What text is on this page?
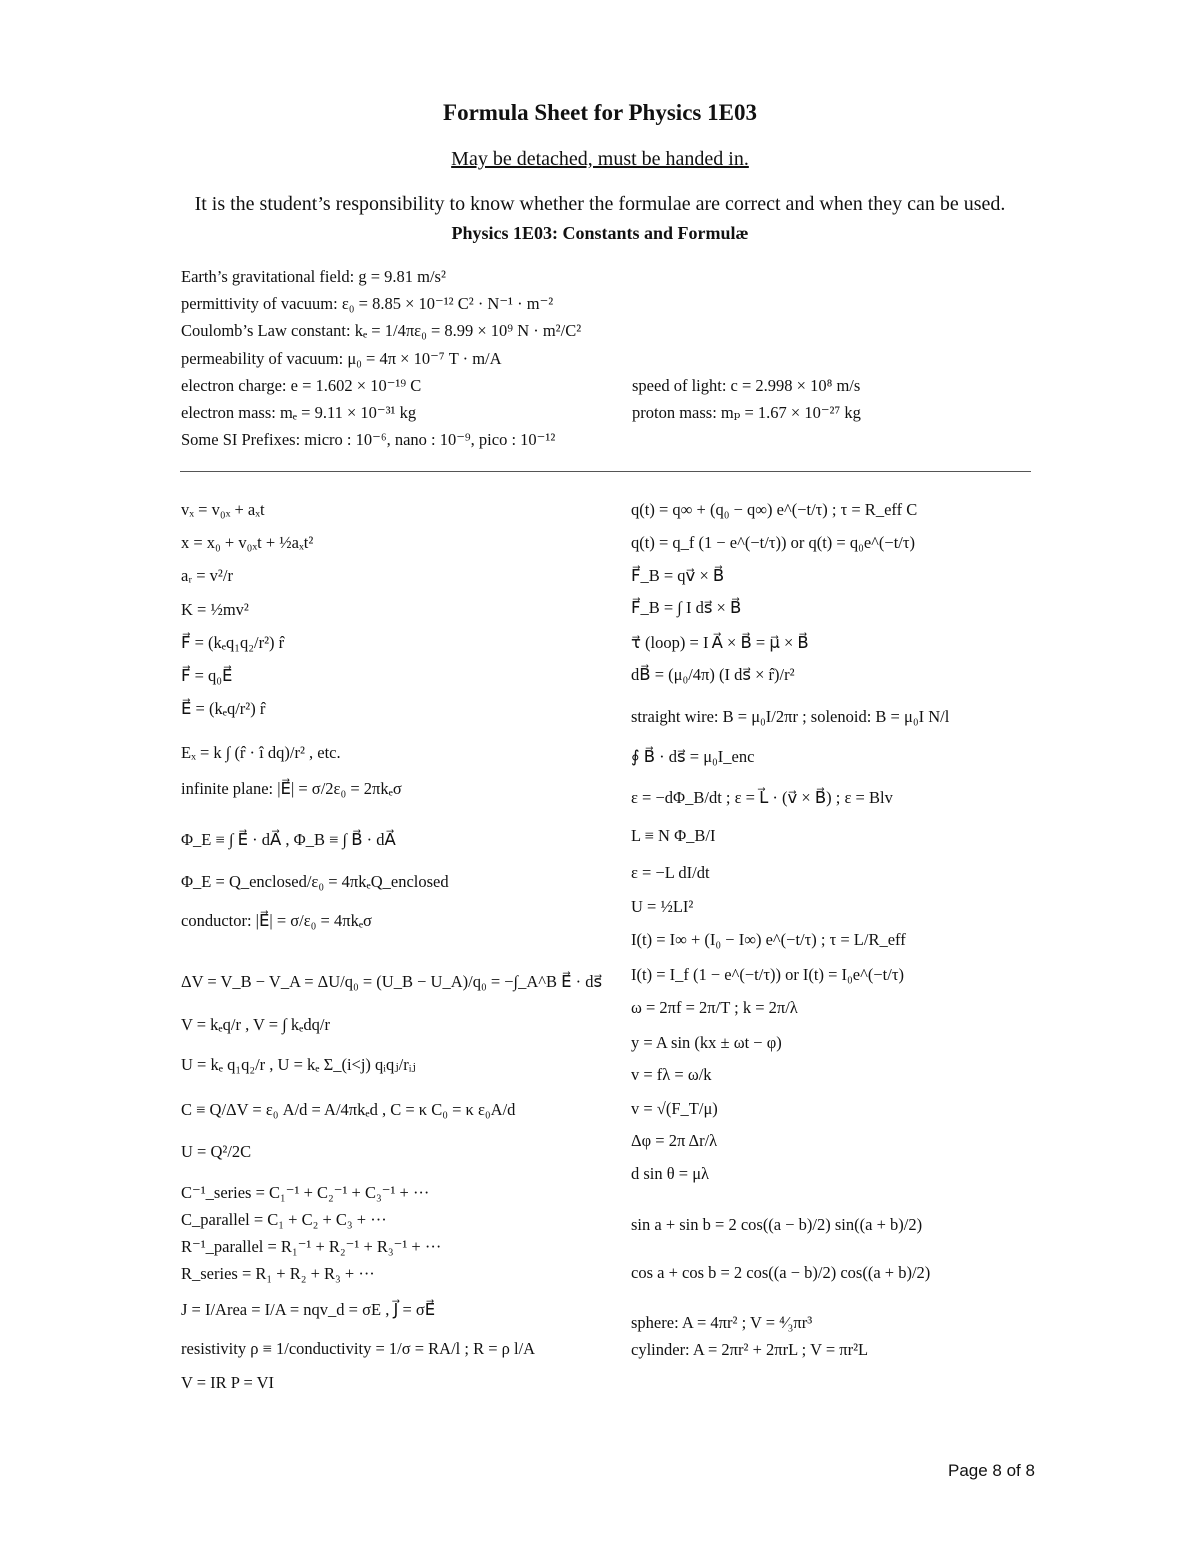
Formula Sheet for Physics 1E03
May be detached, must be handed in.
It is the student’s responsibility to know whether the formulae are correct and when they can be used.
Physics 1E03: Constants and Formulæ
Earth’s gravitational field: g = 9.81 m/s²
permittivity of vacuum: ε₀ = 8.85 × 10⁻¹² C² · N⁻¹ · m⁻²
Coulomb’s Law constant: kₑ = 1/4πε₀ = 8.99 × 10⁹ N · m²/C²
permeability of vacuum: μ₀ = 4π × 10⁻⁷ T · m/A
electron charge: e = 1.602 × 10⁻¹⁹ C
electron mass: mₑ = 9.11 × 10⁻³¹ kg
Some SI Prefixes: micro : 10⁻⁶, nano : 10⁻⁹, pico : 10⁻¹²
speed of light: c = 2.998 × 10⁸ m/s
proton mass: mₚ = 1.67 × 10⁻²⁷ kg
vₓ = v₀ₓ + aₓt
x = x₀ + v₀ₓt + ½aₓt²
aᵣ = v²/r
K = ½mv²
F⃗ = (kₑq₁q₂/r²) r̂
F⃗ = q₀E⃗
E⃗ = (kₑq/r²) r̂
Eₓ = k ∫ (r̂ · î dq)/r² , etc.
infinite plane: |E⃗| = σ/2ε₀ = 2πkₑσ
Φ_E ≡ ∫ E⃗ · dA⃗ , Φ_B ≡ ∫ B⃗ · dA⃗
Φ_E = Q_enclosed/ε₀ = 4πkₑQ_enclosed
conductor: |E⃗| = σ/ε₀ = 4πkₑσ
ΔV = V_B − V_A = ΔU/q₀ = (U_B − U_A)/q₀ = −∫_A^B E⃗ · ds⃗
V = kₑq/r , V = ∫ kₑdq/r
U = kₑ q₁q₂/r , U = kₑ Σ_(i<j) qᵢqⱼ/rᵢⱼ
C ≡ Q/ΔV = ε₀ A/d = A/4πkₑd , C = κ C₀ = κ ε₀A/d
U = Q²/2C
C⁻¹_series = C₁⁻¹ + C₂⁻¹ + C₃⁻¹ + ···
C_parallel = C₁ + C₂ + C₃ + ···
R⁻¹_parallel = R₁⁻¹ + R₂⁻¹ + R₃⁻¹ + ···
R_series = R₁ + R₂ + R₃ + ···
J = I/Area = I/A = nqv_d = σE , J⃗ = σE⃗
resistivity ρ ≡ 1/conductivity = 1/σ = RA/l ; R = ρ l/A
V = IR P = VI
q(t) = q∞ + (q₀ − q∞) e^(−t/τ) ; τ = R_eff C
q(t) = q_f (1 − e^(−t/τ)) or q(t) = q₀e^(−t/τ)
F⃗_B = qv⃗ × B⃗
F⃗_B = ∫ I ds⃗ × B⃗
τ⃗ (loop) = I A⃗ × B⃗ = μ⃗ × B⃗
dB⃗ = (μ₀/4π) (I ds⃗ × r̂)/r²
straight wire: B = μ₀I/2πr ; solenoid: B = μ₀I N/l
∮ B⃗ · ds⃗ = μ₀I_enc
ε = −dΦ_B/dt ; ε = L⃗ · (v⃗ × B⃗) ; ε = Blv
L ≡ N Φ_B/I
ε = −L dI/dt
U = ½LI²
I(t) = I∞ + (I₀ − I∞) e^(−t/τ) ; τ = L/R_eff
I(t) = I_f (1 − e^(−t/τ)) or I(t) = I₀e^(−t/τ)
ω = 2πf = 2π/T ; k = 2π/λ
y = A sin (kx ± ωt − φ)
v = fλ = ω/k
v = √(F_T/μ)
Δφ = 2π Δr/λ
d sin θ = μλ
sin a + sin b = 2 cos((a − b)/2) sin((a + b)/2)
cos a + cos b = 2 cos((a − b)/2) cos((a + b)/2)
sphere: A = 4πr² ; V = ⁴⁄₃πr³
cylinder: A = 2πr² + 2πrL ; V = πr²L
Page 8 of 8
